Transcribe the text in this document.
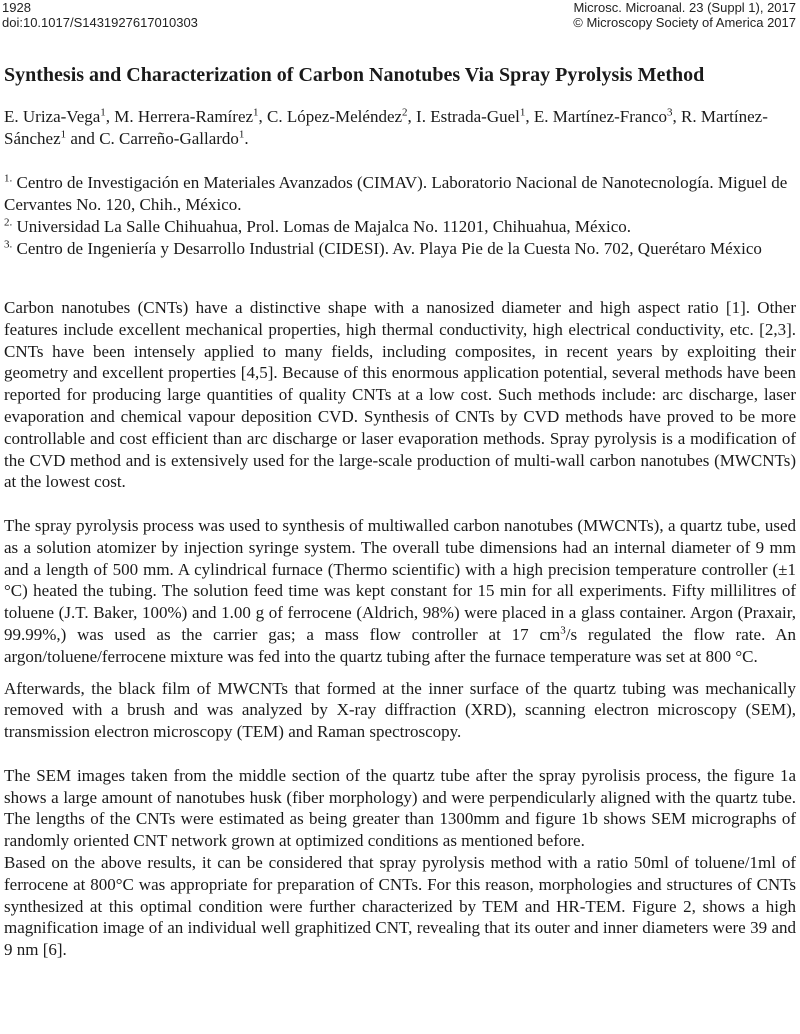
1928
doi:10.1017/S1431927617010303
Microsc. Microanal. 23 (Suppl 1), 2017
© Microscopy Society of America 2017
Synthesis and Characterization of Carbon Nanotubes Via Spray Pyrolysis Method
E. Uriza-Vega$^1$, M. Herrera-Ramírez$^1$, C. López-Meléndez$^2$, I. Estrada-Guel$^1$, E. Martínez-Franco$^3$, R. Martínez-Sánchez$^1$ and C. Carreño-Gallardo$^1$.

$^{1.}$ Centro de Investigación en Materiales Avanzados (CIMAV). Laboratorio Nacional de Nanotecnología. Miguel de Cervantes No. 120, Chih., México.

$^{2.}$ Universidad La Salle Chihuahua, Prol. Lomas de Majalca No. 11201, Chihuahua, México.

$^{3.}$ Centro de Ingeniería y Desarrollo Industrial (CIDESI). Av. Playa Pie de la Cuesta No. 702, Querétaro México

Carbon nanotubes (CNTs) have a distinctive shape with a nanosized diameter and high aspect ratio [1]. Other features include excellent mechanical properties, high thermal conductivity, high electrical conductivity, etc. [2,3]. CNTs have been intensely applied to many fields, including composites, in recent years by exploiting their geometry and excellent properties [4,5]. Because of this enormous application potential, several methods have been reported for producing large quantities of quality CNTs at a low cost. Such methods include: arc discharge, laser evaporation and chemical vapour deposition CVD. Synthesis of CNTs by CVD methods have proved to be more controllable and cost efficient than arc discharge or laser evaporation methods. Spray pyrolysis is a modification of the CVD method and is extensively used for the large-scale production of multi-wall carbon nanotubes (MWCNTs) at the lowest cost.

The spray pyrolysis process was used to synthesis of multiwalled carbon nanotubes (MWCNTs), a quartz tube, used as a solution atomizer by injection syringe system. The overall tube dimensions had an internal diameter of 9 mm and a length of 500 mm. A cylindrical furnace (Thermo scientific) with a high precision temperature controller (±1 °C) heated the tubing. The solution feed time was kept constant for 15 min for all experiments. Fifty millilitres of toluene (J.T. Baker, 100%) and 1.00 g of ferrocene (Aldrich, 98%) were placed in a glass container. Argon (Praxair, 99.99%,) was used as the carrier gas; a mass flow controller at 17 $cm^3/s$ regulated the flow rate. An argon/toluene/ferrocene mixture was fed into the quartz tubing after the furnace temperature was set at 800 °C.

Afterwards, the black film of MWCNTs that formed at the inner surface of the quartz tubing was mechanically removed with a brush and was analyzed by X-ray diffraction (XRD), scanning electron microscopy (SEM), transmission electron microscopy (TEM) and Raman spectroscopy.

The SEM images taken from the middle section of the quartz tube after the spray pyrolisis process, the figure 1a shows a large amount of nanotubes husk (fiber morphology) and were perpendicularly aligned with the quartz tube. The lengths of the CNTs were estimated as being greater than 1300mm and figure 1b shows SEM micrographs of randomly oriented CNT network grown at optimized conditions as mentioned before.

Based on the above results, it can be considered that spray pyrolysis method with a ratio 50ml of toluene/1ml of ferrocene at 800°C was appropriate for preparation of CNTs. For this reason, morphologies and structures of CNTs synthesized at this optimal condition were further characterized by TEM and HR-TEM. Figure 2, shows a high magnification image of an individual well graphitized CNT, revealing that its outer and inner diameters were 39 and 9 nm [6].
